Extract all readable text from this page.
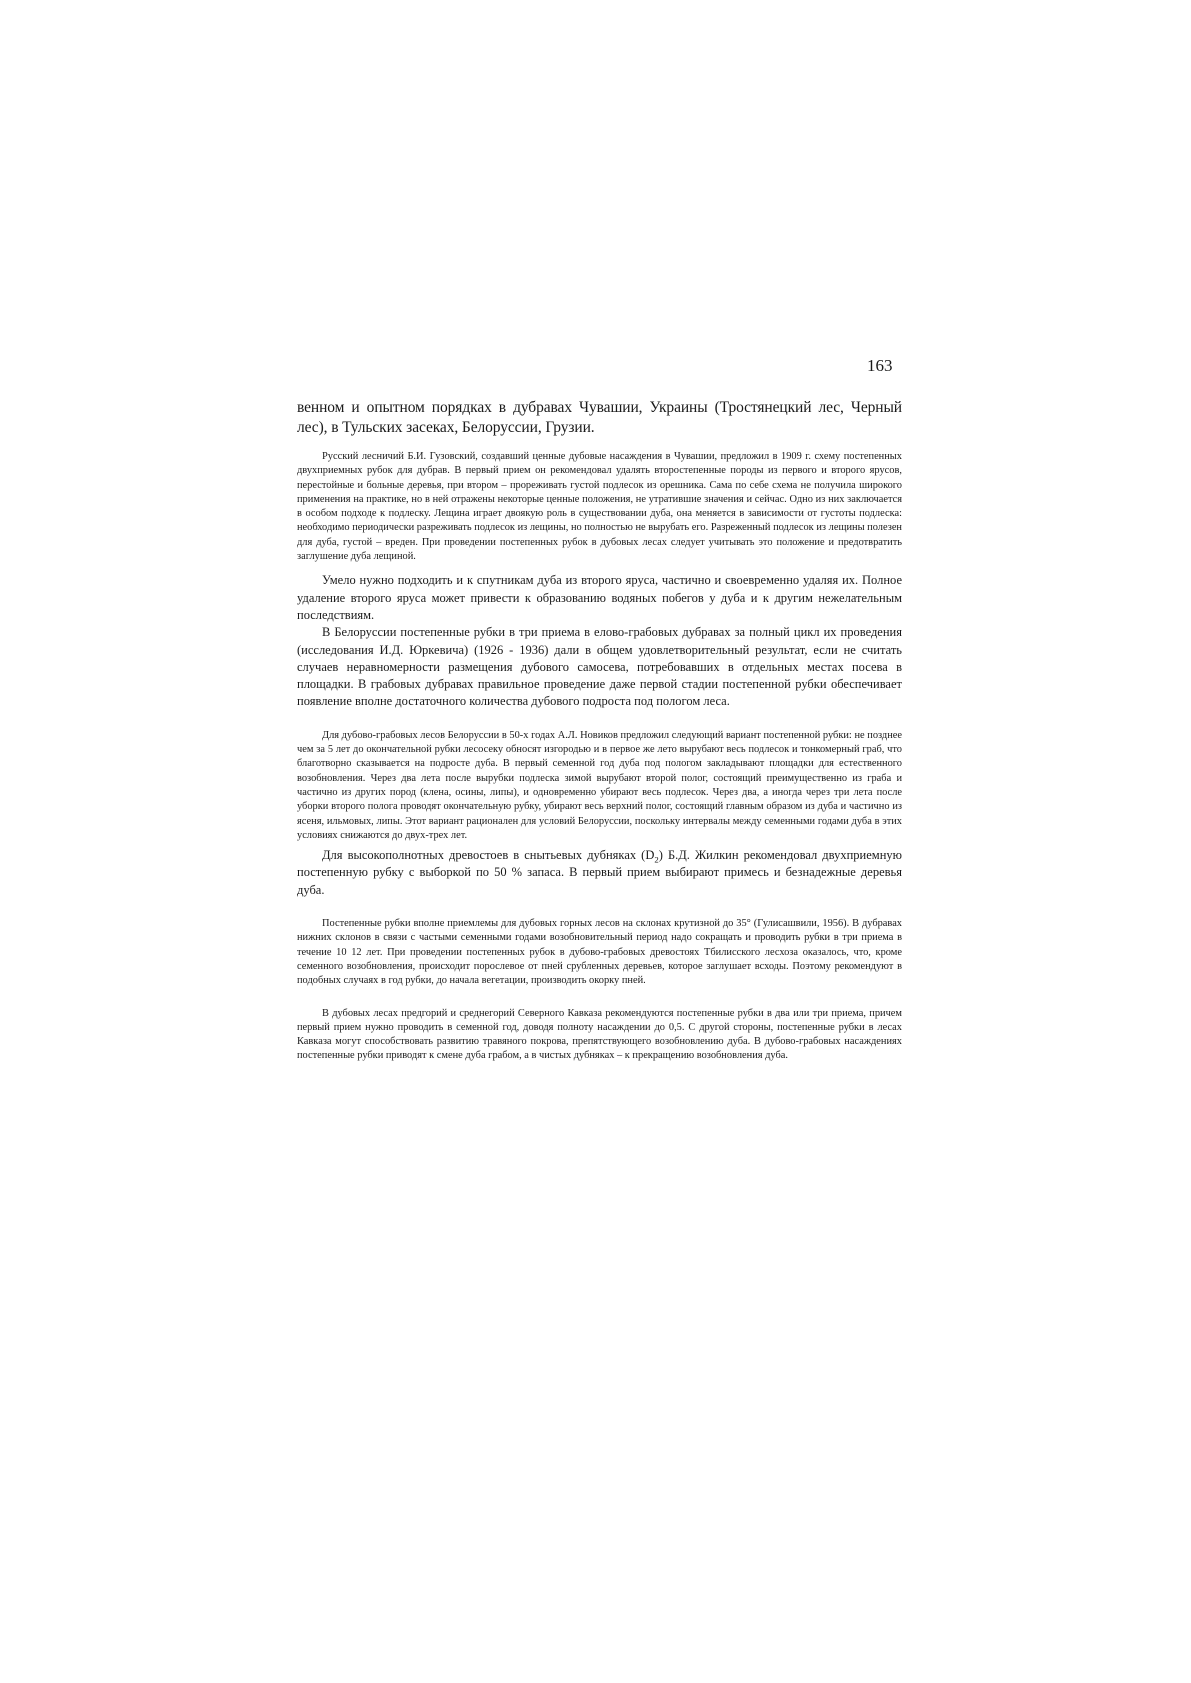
163

венном и опытном порядках в дубравах Чувашии, Украины (Тростянецкий лес, Черный лес), в Тульских засеках, Белоруссии, Грузии.

Русский лесничий Б.И. Гузовский, создавший ценные дубовые насаждения в Чувашии, предложил в 1909 г. схему постепенных двухприемных рубок для дубрав. В первый прием он рекомендовал удалять второстепенные породы из первого и второго ярусов, перестойные и больные деревья, при втором – прореживать густой подлесок из орешника. Сама по себе схема не получила широкого применения на практике, но в ней отражены некоторые ценные положения, не утратившие значения и сейчас. Одно из них заключается в особом подходе к подлеску. Лещина играет двоякую роль в существовании дуба, она меняется в зависимости от густоты подлеска: необходимо периодически разреживать подлесок из лещины, но полностью не вырубать его. Разреженный подлесок из лещины полезен для дуба, густой – вреден. При проведении постепенных рубок в дубовых лесах следует учитывать это положение и предотвратить заглушение дуба лещиной.

Умело нужно подходить и к спутникам дуба из второго яруса, частично и своевременно удаляя их. Полное удаление второго яруса может привести к образованию водяных побегов у дуба и к другим нежелательным последствиям.

В Белоруссии постепенные рубки в три приема в елово-грабовых дубравах за полный цикл их проведения (исследования И.Д. Юркевича) (1926 - 1936) дали в общем удовлетворительный результат, если не считать случаев неравномерности размещения дубового самосева, потребовавших в отдельных местах посева в площадки. В грабовых дубравах правильное проведение даже первой стадии постепенной рубки обеспечивает появление вполне достаточного количества дубового подроста под пологом леса.

Для дубово-грабовых лесов Белоруссии в 50-х годах А.Л. Новиков предложил следующий вариант постепенной рубки: не позднее чем за 5 лет до окончательной рубки лесосеку обносят изгородью и в первое же лето вырубают весь подлесок и тонкомерный граб, что благотворно сказывается на подросте дуба. В первый семенной год дуба под пологом закладывают площадки для естественного возобновления. Через два лета после вырубки подлеска зимой вырубают второй полог, состоящий преимущественно из граба и частично из других пород (клена, осины, липы), и одновременно убирают весь подлесок. Через два, а иногда через три лета после уборки второго полога проводят окончательную рубку, убирают весь верхний полог, состоящий главным образом из дуба и частично из ясеня, ильмовых, липы. Этот вариант рационален для условий Белоруссии, поскольку интервалы между семенными годами дуба в этих условиях снижаются до двух-трех лет.

Для высокополнотных древостоев в снытьевых дубняках $(D_2)$ Б.Д. Жилкин рекомендовал двухприемную постепенную рубку с выборкой по 50 % запаса. В первый прием выбирают примесь и безнадежные деревья дуба.

Постепенные рубки вполне приемлемы для дубовых горных лесов на склонах крутизной до 35° (Гулисашвили, 1956). В дубравах нижних склонов в связи с частыми семенными годами возобновительный период надо сокращать и проводить рубки в три приема в течение 10 12 лет. При проведении постепенных рубок в дубово-грабовых древостоях Тбилисского лесхоза оказалось, что, кроме семенного возобновления, происходит порослевое от пней срубленных деревьев, которое заглушает всходы. Поэтому рекомендуют в подобных случаях в год рубки, до начала вегетации, производить окорку пней.

В дубовых лесах предгорий и среднегорий Северного Кавказа рекомендуются постепенные рубки в два или три приема, причем первый прием нужно проводить в семенной год, доводя полноту насаждении до 0,5. С другой стороны, постепенные рубки в лесах Кавказа могут способствовать развитию травяного покрова, препятствующего возобновлению дуба. В дубово-грабовых насаждениях постепенные рубки приводят к смене дуба грабом, а в чистых дубняках – к прекращению возобновления дуба.
